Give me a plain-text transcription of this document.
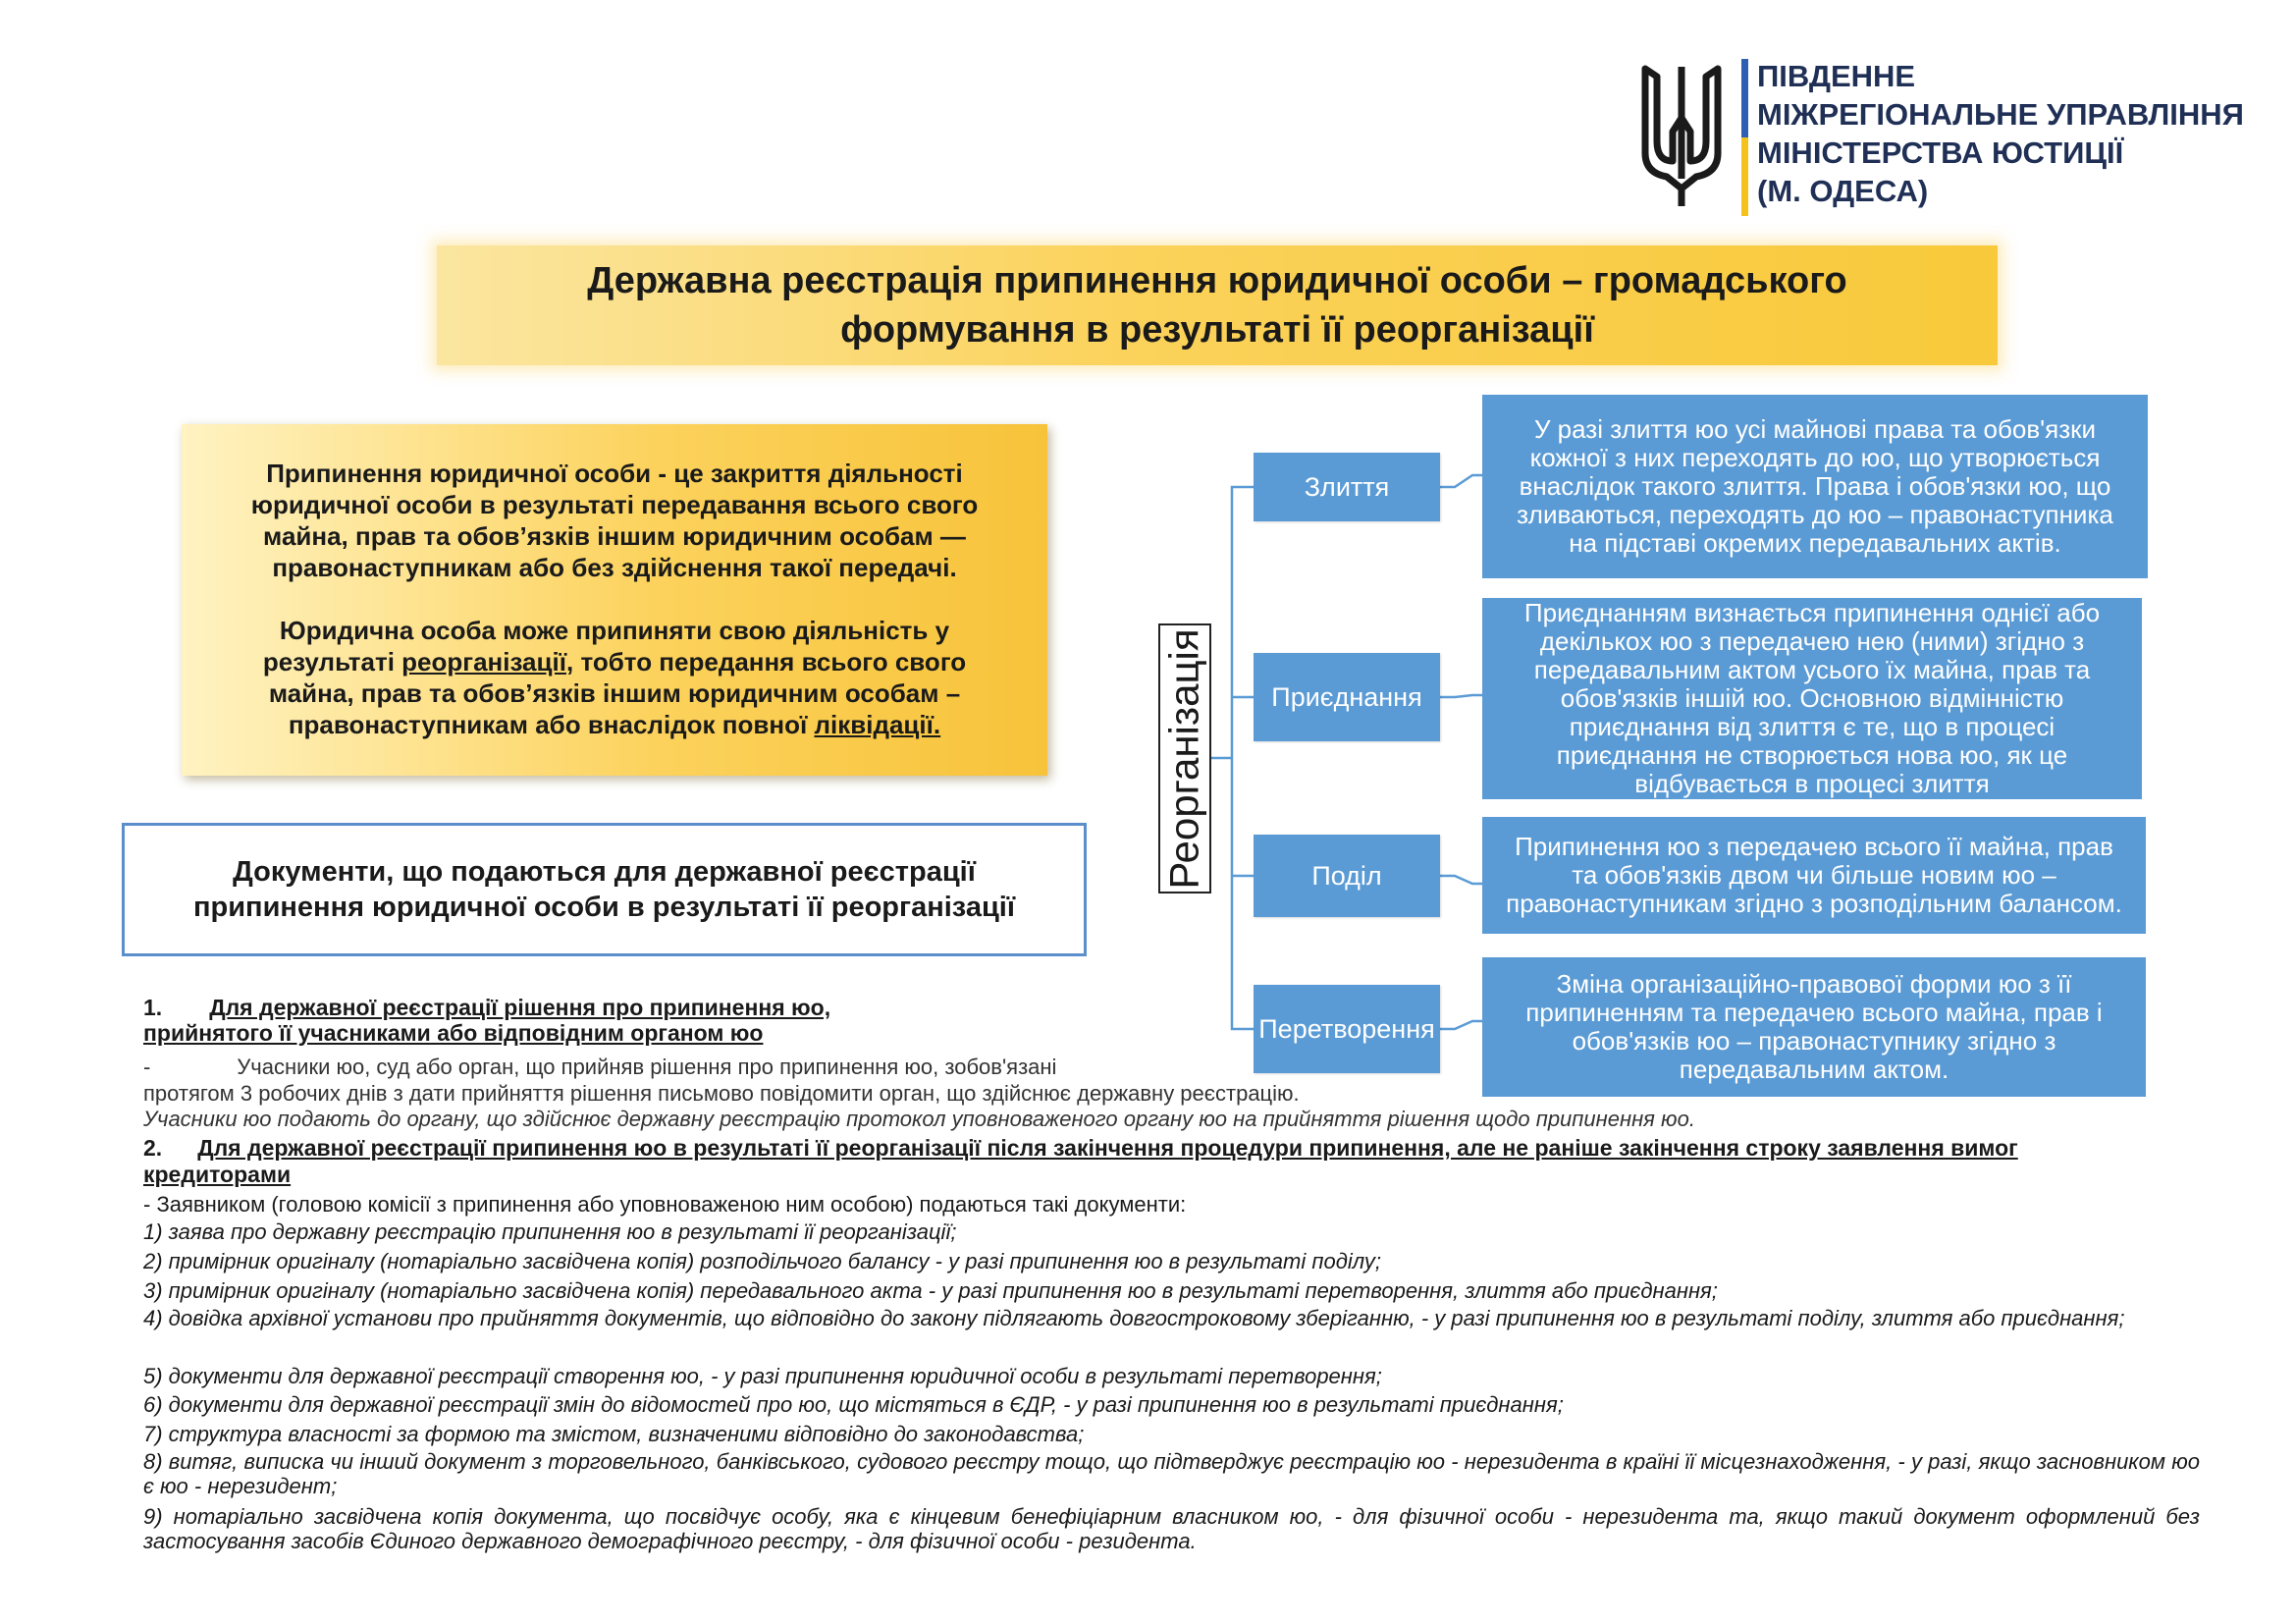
ПІВДЕННЕ
МІЖРЕГІОНАЛЬНЕ УПРАВЛІННЯ
МІНІСТЕРСТВА ЮСТИЦІЇ
(М. ОДЕСА)
Державна реєстрація припинення юридичної особи – громадського
формування в результаті її реорганізації

Припинення юридичної особи - це закриття діяльності
юридичної особи в результаті передавання всього свого
майна, прав та обов’язків іншим юридичним особам —
правонаступникам або без здійснення такої передачі.

Юридична особа може припиняти свою діяльність у
результаті реорганізації, тобто передання всього свого
майна, прав та обов’язків іншим юридичним особам –
правонаступникам або внаслідок повної ліквідації.

Документи, що подаються для державної реєстрації
припинення юридичної особи в результаті її реорганізації
Реорганізація
Злиття
Приєднання
Поділ
Перетворення
У разі злиття юо усі майнові права та обов'язки
кожної з них переходять до юо, що утворюється
внаслідок такого злиття. Права і обов'язки юо, що
зливаються, переходять до юо – правонаступника
на підставі окремих передавальних актів.
Приєднанням визнається припинення однієї або
декількох юо з передачею нею (ними) згідно з
передавальним актом усього їх майна, прав та
обов'язків іншій юо. Основною відмінністю
приєднання від злиття є те, що в процесі
приєднання не створюється нова юо, як це
відбувається в процесі злиття
Припинення юо з передачею всього її майна, прав
та обов'язків двом чи більше новим юо –
правонаступникам згідно з розподільним балансом.
Зміна організаційно-правової форми юо з її
припиненням та передачею всього майна, прав і
обов'язків юо – правонаступнику згідно з
передавальним актом.
1. Для державної реєстрації рішення про припинення юо,
прийнятого її учасниками або відповідним органом юо
-	Учасники юо, суд або орган, що прийняв рішення про припинення юо, зобов'язані
протягом 3 робочих днів з дати прийняття рішення письмово повідомити орган, що здійснює державну реєстрацію.
Учасники юо подають до органу, що здійснює державну реєстрацію протокол уповноваженого органу юо на прийняття рішення щодо припинення юо.
2. Для державної реєстрації припинення юо в результаті її реорганізації після закінчення процедури припинення, але не раніше закінчення строку заявлення вимог
кредиторами
- Заявником (головою комісії з припинення або уповноваженою ним особою) подаються такі документи:
1) заява про державну реєстрацію припинення юо в результаті її реорганізації;
2) примірник оригіналу (нотаріально засвідчена копія) розподільчого балансу - у разі припинення юо в результаті поділу;
3) примірник оригіналу (нотаріально засвідчена копія) передавального акта - у разі припинення юо в результаті перетворення, злиття або приєднання;
4) довідка архівної установи про прийняття документів, що відповідно до закону підлягають довгостроковому зберіганню, - у разі припинення юо в результаті поділу, злиття або приєднання;
5) документи для державної реєстрації створення юо, - у разі припинення юридичної особи в результаті перетворення;
6) документи для державної реєстрації змін до відомостей про юо, що містяться в ЄДР, - у разі припинення юо в результаті приєднання;
7) структура власності за формою та змістом, визначеними відповідно до законодавства;
8) витяг, виписка чи інший документ з торговельного, банківського, судового реєстру тощо, що підтверджує реєстрацію юо - нерезидента в країні її місцезнаходження, - у разі, якщо засновником юо є юо - нерезидент;
9) нотаріально засвідчена копія документа, що посвідчує особу, яка є кінцевим бенефіціарним власником юо, - для фізичної особи - нерезидента та, якщо такий документ оформлений без застосування засобів Єдиного державного демографічного реєстру, - для фізичної особи - резидента.
